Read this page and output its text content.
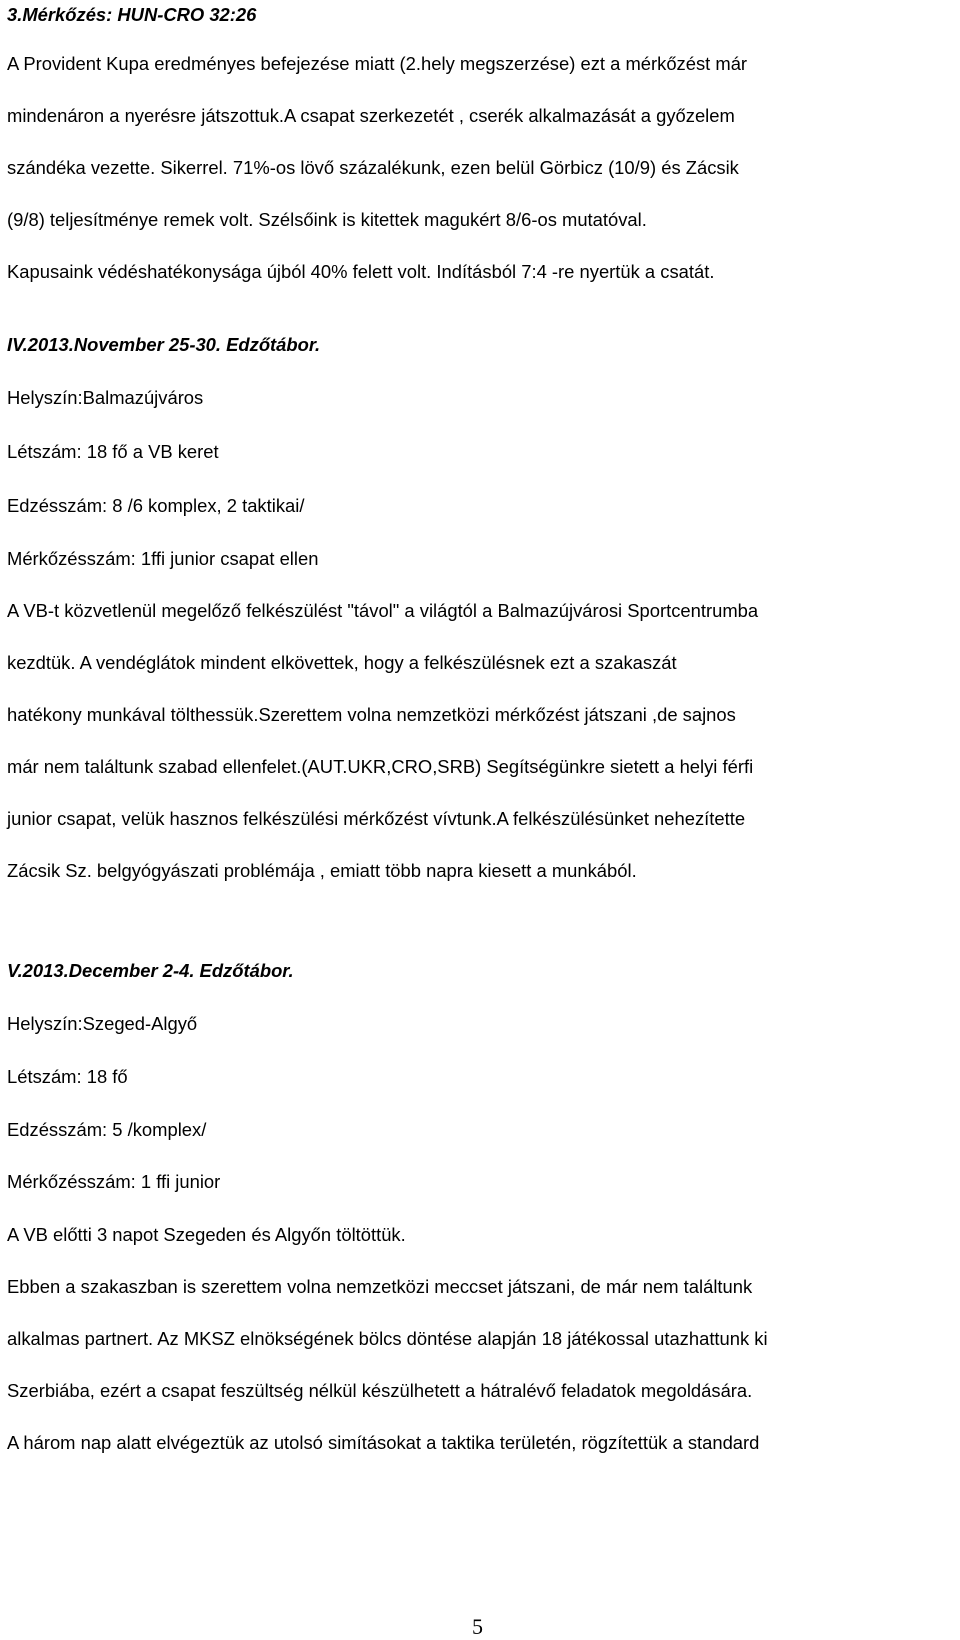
3.Mérkőzés: HUN-CRO 32:26
A Provident Kupa eredményes befejezése miatt (2.hely megszerzése) ezt a mérkőzést már
mindenáron a nyerésre játszottuk.A csapat szerkezetét , cserék alkalmazását a győzelem
szándéka vezette. Sikerrel. 71%-os lövő százalékunk, ezen belül Görbicz (10/9) és Zácsik
(9/8) teljesítménye remek volt. Szélsőink is kitettek magukért 8/6-os mutatóval.
Kapusaink védéshatékonysága újból 40% felett volt. Indításból 7:4 -re nyertük a csatát.
IV.2013.November 25-30. Edzőtábor.
Helyszín:Balmazújváros
Létszám: 18 fő a VB keret
Edzésszám: 8 /6 komplex, 2 taktikai/
Mérkőzésszám: 1ffi junior csapat ellen
A VB-t közvetlenül megelőző felkészülést "távol" a világtól a Balmazújvárosi Sportcentrumba
kezdtük. A vendéglátok mindent elkövettek, hogy a felkészülésnek ezt a szakaszát
hatékony munkával tölthessük.Szerettem volna nemzetközi mérkőzést játszani ,de sajnos
már nem találtunk szabad ellenfelet.(AUT.UKR,CRO,SRB) Segítségünkre sietett a helyi férfi
junior csapat, velük hasznos felkészülési mérkőzést vívtunk.A felkészülésünket nehezítette
Zácsik Sz. belgyógyászati problémája , emiatt több napra kiesett a munkából.
V.2013.December 2-4. Edzőtábor.
Helyszín:Szeged-Algyő
Létszám: 18 fő
Edzésszám: 5 /komplex/
Mérkőzésszám: 1 ffi junior
A VB előtti 3 napot Szegeden és Algyőn töltöttük.
Ebben a szakaszban is szerettem volna nemzetközi meccset játszani, de már nem találtunk
alkalmas partnert. Az MKSZ elnökségének bölcs döntése alapján 18 játékossal utazhattunk ki
Szerbiába, ezért a csapat feszültség nélkül készülhetett a hátralévő feladatok megoldására.
A három nap alatt elvégeztük az utolsó simításokat a taktika területén, rögzítettük a standard
5
